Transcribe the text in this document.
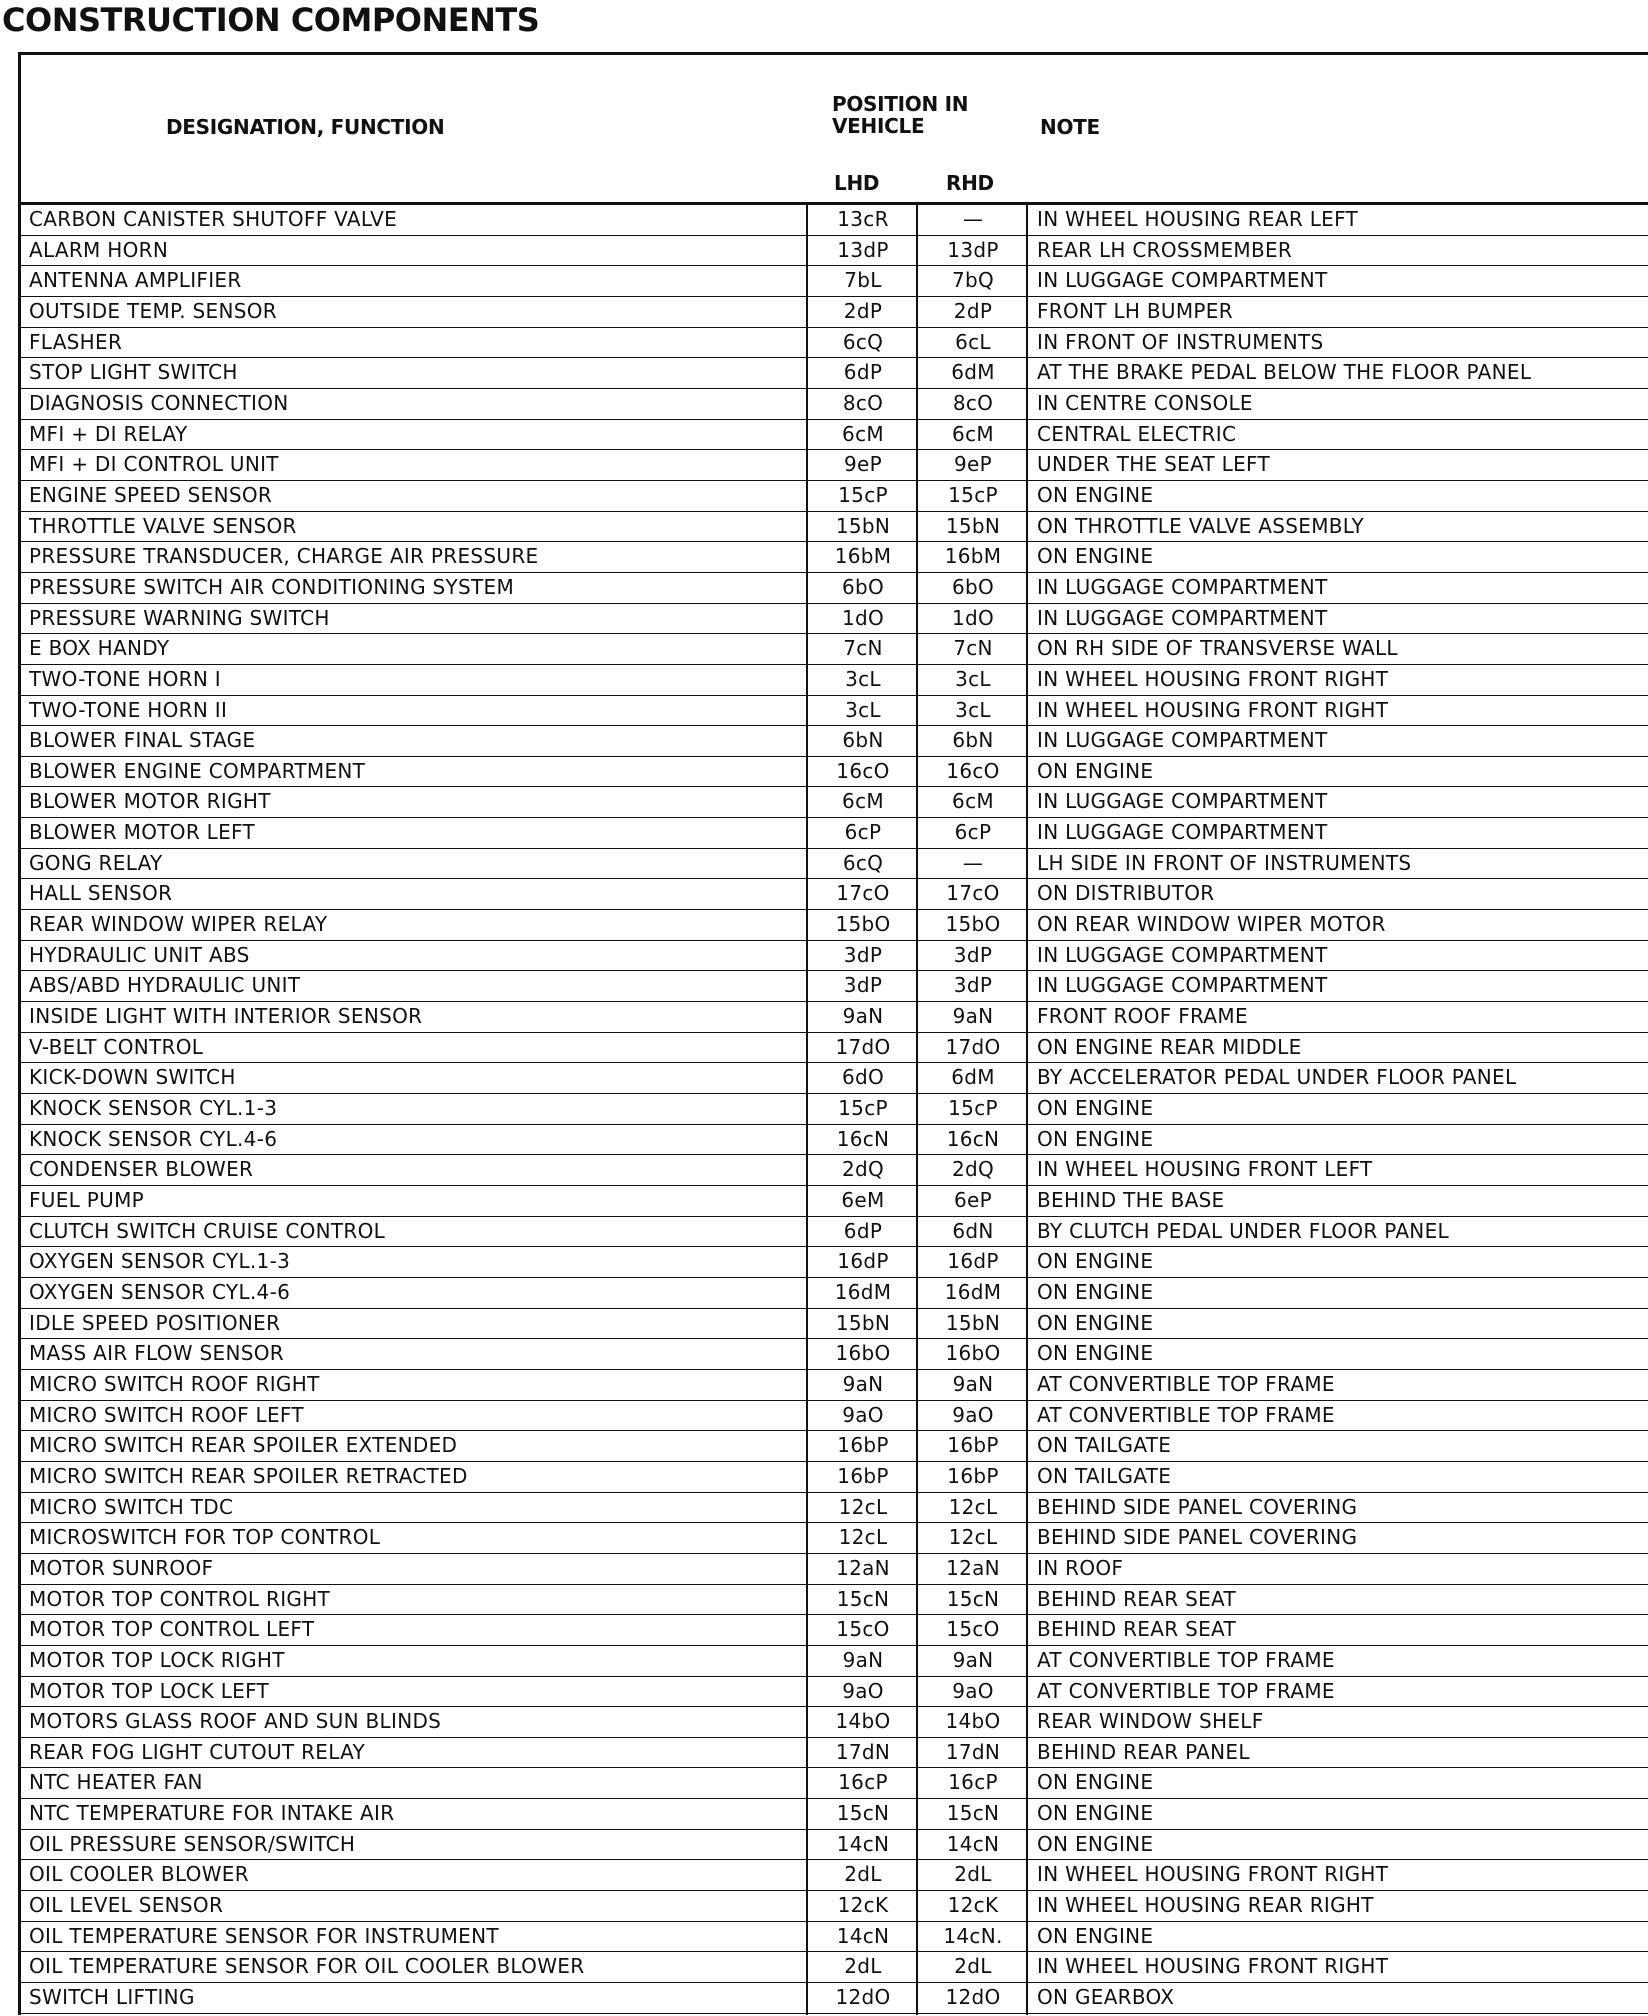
CONSTRUCTION COMPONENTS
DESIGNATION, FUNCTION
POSITION IN
VEHICLE	NOTE
LHD	RHD
CARBON CANISTER SHUTOFF VALVE	13cR	—	IN WHEEL HOUSING REAR LEFT
ALARM HORN	13dP	13dP	REAR LH CROSSMEMBER
ANTENNA AMPLIFIER	7bL	7bQ	IN LUGGAGE COMPARTMENT
OUTSIDE TEMP. SENSOR	2dP	2dP	FRONT LH BUMPER
FLASHER	6cQ	6cL	IN FRONT OF INSTRUMENTS
STOP LIGHT SWITCH	6dP	6dM	AT THE BRAKE PEDAL BELOW THE FLOOR PANEL
DIAGNOSIS CONNECTION	8cO	8cO	IN CENTRE CONSOLE
MFI + DI RELAY	6cM	6cM	CENTRAL ELECTRIC
MFI + DI CONTROL UNIT	9eP	9eP	UNDER THE SEAT LEFT
ENGINE SPEED SENSOR	15cP	15cP	ON ENGINE
THROTTLE VALVE SENSOR	15bN	15bN	ON THROTTLE VALVE ASSEMBLY
PRESSURE TRANSDUCER, CHARGE AIR PRESSURE	16bM	16bM	ON ENGINE
PRESSURE SWITCH AIR CONDITIONING SYSTEM	6bO	6bO	IN LUGGAGE COMPARTMENT
PRESSURE WARNING SWITCH	1dO	1dO	IN LUGGAGE COMPARTMENT
E BOX HANDY	7cN	7cN	ON RH SIDE OF TRANSVERSE WALL
TWO-TONE HORN I	3cL	3cL	IN WHEEL HOUSING FRONT RIGHT
TWO-TONE HORN II	3cL	3cL	IN WHEEL HOUSING FRONT RIGHT
BLOWER FINAL STAGE	6bN	6bN	IN LUGGAGE COMPARTMENT
BLOWER ENGINE COMPARTMENT	16cO	16cO	ON ENGINE
BLOWER MOTOR RIGHT	6cM	6cM	IN LUGGAGE COMPARTMENT
BLOWER MOTOR LEFT	6cP	6cP	IN LUGGAGE COMPARTMENT
GONG RELAY	6cQ	—	LH SIDE IN FRONT OF INSTRUMENTS
HALL SENSOR	17cO	17cO	ON DISTRIBUTOR
REAR WINDOW WIPER RELAY	15bO	15bO	ON REAR WINDOW WIPER MOTOR
HYDRAULIC UNIT ABS	3dP	3dP	IN LUGGAGE COMPARTMENT
ABS/ABD HYDRAULIC UNIT	3dP	3dP	IN LUGGAGE COMPARTMENT
INSIDE LIGHT WITH INTERIOR SENSOR	9aN	9aN	FRONT ROOF FRAME
V-BELT CONTROL	17dO	17dO	ON ENGINE REAR MIDDLE
KICK-DOWN SWITCH	6dO	6dM	BY ACCELERATOR PEDAL UNDER FLOOR PANEL
KNOCK SENSOR CYL.1-3	15cP	15cP	ON ENGINE
KNOCK SENSOR CYL.4-6	16cN	16cN	ON ENGINE
CONDENSER BLOWER	2dQ	2dQ	IN WHEEL HOUSING FRONT LEFT
FUEL PUMP	6eM	6eP	BEHIND THE BASE
CLUTCH SWITCH CRUISE CONTROL	6dP	6dN	BY CLUTCH PEDAL UNDER FLOOR PANEL
OXYGEN SENSOR CYL.1-3	16dP	16dP	ON ENGINE
OXYGEN SENSOR CYL.4-6	16dM	16dM	ON ENGINE
IDLE SPEED POSITIONER	15bN	15bN	ON ENGINE
MASS AIR FLOW SENSOR	16bO	16bO	ON ENGINE
MICRO SWITCH ROOF RIGHT	9aN	9aN	AT CONVERTIBLE TOP FRAME
MICRO SWITCH ROOF LEFT	9aO	9aO	AT CONVERTIBLE TOP FRAME
MICRO SWITCH REAR SPOILER EXTENDED	16bP	16bP	ON TAILGATE
MICRO SWITCH REAR SPOILER RETRACTED	16bP	16bP	ON TAILGATE
MICRO SWITCH TDC	12cL	12cL	BEHIND SIDE PANEL COVERING
MICROSWITCH FOR TOP CONTROL	12cL	12cL	BEHIND SIDE PANEL COVERING
MOTOR SUNROOF	12aN	12aN	IN ROOF
MOTOR TOP CONTROL RIGHT	15cN	15cN	BEHIND REAR SEAT
MOTOR TOP CONTROL LEFT	15cO	15cO	BEHIND REAR SEAT
MOTOR TOP LOCK RIGHT	9aN	9aN	AT CONVERTIBLE TOP FRAME
MOTOR TOP LOCK LEFT	9aO	9aO	AT CONVERTIBLE TOP FRAME
MOTORS GLASS ROOF AND SUN BLINDS	14bO	14bO	REAR WINDOW SHELF
REAR FOG LIGHT CUTOUT RELAY	17dN	17dN	BEHIND REAR PANEL
NTC HEATER FAN	16cP	16cP	ON ENGINE
NTC TEMPERATURE FOR INTAKE AIR	15cN	15cN	ON ENGINE
OIL PRESSURE SENSOR/SWITCH	14cN	14cN	ON ENGINE
OIL COOLER BLOWER	2dL	2dL	IN WHEEL HOUSING FRONT RIGHT
OIL LEVEL SENSOR	12cK	12cK	IN WHEEL HOUSING REAR RIGHT
OIL TEMPERATURE SENSOR FOR INSTRUMENT	14cN	14cN.	ON ENGINE
OIL TEMPERATURE SENSOR FOR OIL COOLER BLOWER	2dL	2dL	IN WHEEL HOUSING FRONT RIGHT
SWITCH LIFTING	12dO	12dO	ON GEARBOX
